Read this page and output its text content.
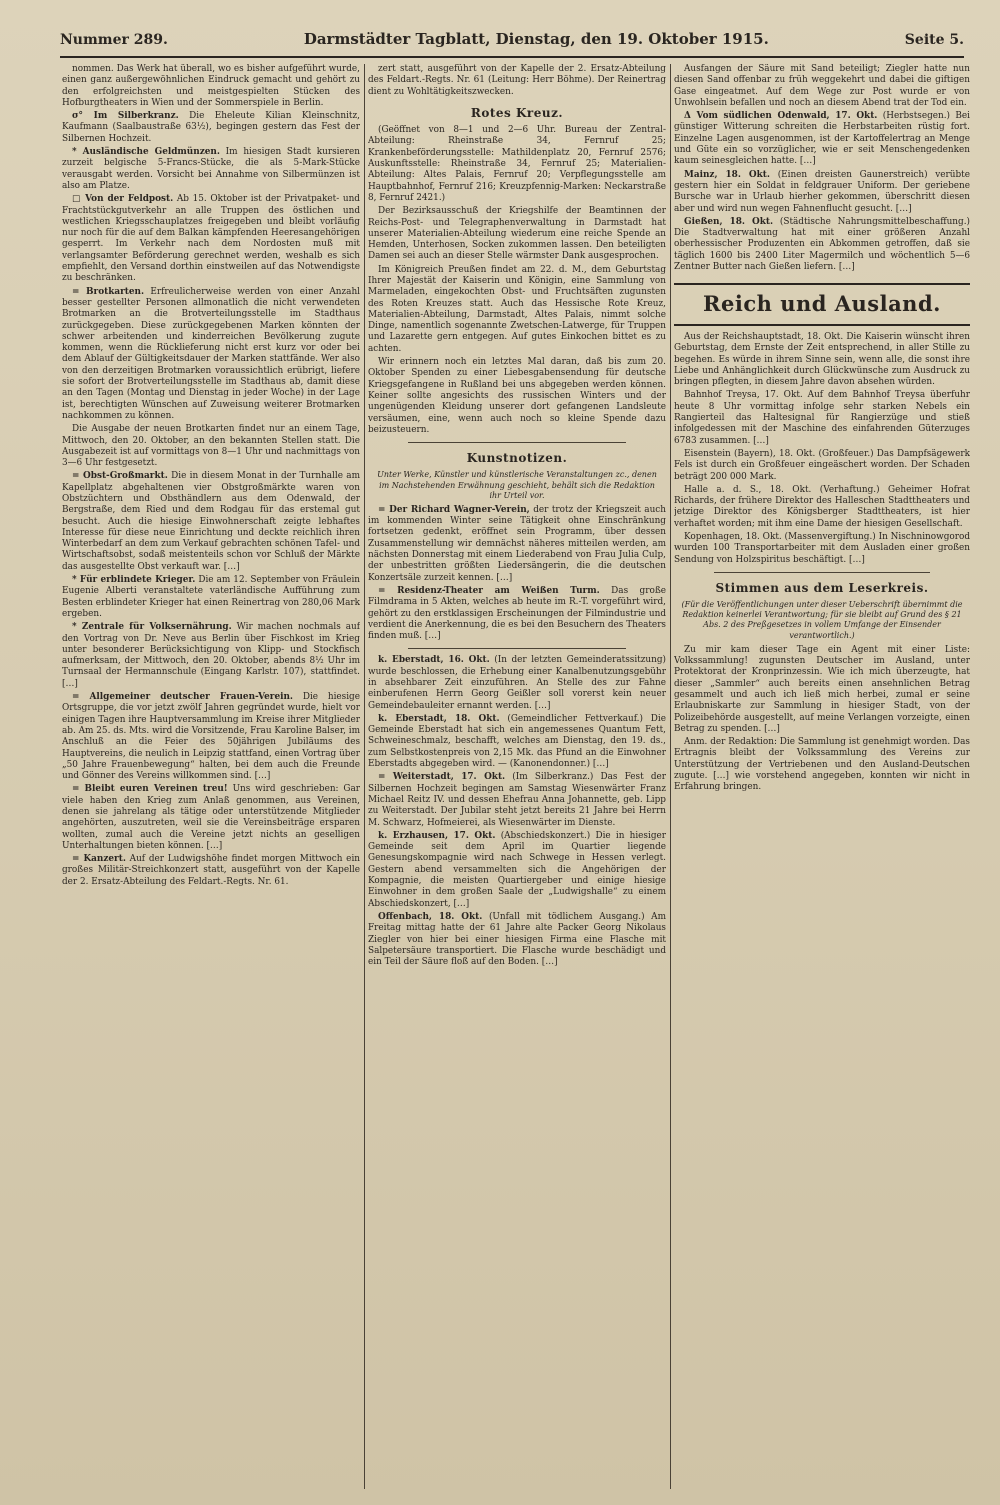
Nummer 289.	Darmstädter Tagblatt, Dienstag, den 19. Oktober 1915.	Seite 5.

nommen. Das Werk hat überall, wo es bisher aufgeführt wurde, einen ganz außergewöhnlichen Eindruck gemacht und gehört zu den erfolgreichsten und meistgespielten Stücken des Hofburgtheaters in Wien und der Sommerspiele in Berlin.

σ° Im Silberkranz. Die Eheleute Kilian Kleinschnitz, Kaufmann (Saalbaustraße 63½), begingen gestern das Fest der Silbernen Hochzeit.

* Ausländische Geldmünzen. Im hiesigen Stadt kursieren zurzeit belgische 5-Francs-Stücke, die als 5-Mark-Stücke verausgabt werden. Vorsicht bei Annahme von Silbermünzen ist also am Platze.

□ Von der Feldpost. Ab 15. Oktober ist der Privatpaket- und Frachtstückgutverkehr an alle Truppen des östlichen und westlichen Kriegsschauplatzes freigegeben und bleibt vorläufig nur noch für die auf dem Balkan kämpfenden Heeresangehörigen gesperrt. Im Verkehr nach dem Nordosten muß mit verlangsamter Beförderung gerechnet werden, weshalb es sich empfiehlt, den Versand dorthin einstweilen auf das Notwendigste zu beschränken.

= Brotkarten. Erfreulicherweise werden von einer Anzahl besser gestellter Personen allmonatlich die nicht verwendeten Brotmarken an die Brotverteilungsstelle im Stadthaus zurückgegeben. Diese zurückgegebenen Marken könnten der schwer arbeitenden und kinderreichen Bevölkerung zugute kommen, wenn die Rücklieferung nicht erst kurz vor oder bei dem Ablauf der Gültigkeitsdauer der Marken stattfände. Wer also von den derzeitigen Brotmarken voraussichtlich erübrigt, liefere sie sofort der Brotverteilungsstelle im Stadthaus ab, damit diese an den Tagen (Montag und Dienstag in jeder Woche) in der Lage ist, berechtigten Wünschen auf Zuweisung weiterer Brotmarken nachkommen zu können.

Die Ausgabe der neuen Brotkarten findet nur an einem Tage, Mittwoch, den 20. Oktober, an den bekannten Stellen statt. Die Ausgabezeit ist auf vormittags von 8—1 Uhr und nachmittags von 3—6 Uhr festgesetzt.

= Obst-Großmarkt. Die in diesem Monat in der Turnhalle am Kapellplatz abgehaltenen vier Obstgroßmärkte waren von Obstzüchtern und Obsthändlern aus dem Odenwald, der Bergstraße, dem Ried und dem Rodgau für das erstemal gut besucht. Auch die hiesige Einwohnerschaft zeigte lebhaftes Interesse für diese neue Einrichtung und deckte reichlich ihren Winterbedarf an dem zum Verkauf gebrachten schönen Tafel- und Wirtschaftsobst, sodaß meistenteils schon vor Schluß der Märkte das ausgestellte Obst verkauft war. […]

* Für erblindete Krieger. Die am 12. September von Fräulein Eugenie Alberti veranstaltete vaterländische Aufführung zum Besten erblindeter Krieger hat einen Reinertrag von 280,06 Mark ergeben.

* Zentrale für Volksernährung. Wir machen nochmals auf den Vortrag von Dr. Neve aus Berlin über Fischkost im Krieg unter besonderer Berücksichtigung von Klipp- und Stockfisch aufmerksam, der Mittwoch, den 20. Oktober, abends 8½ Uhr im Turnsaal der Hermannschule (Eingang Karlstr. 107), stattfindet. […]

= Allgemeiner deutscher Frauen-Verein. Die hiesige Ortsgruppe, die vor jetzt zwölf Jahren gegründet wurde, hielt vor einigen Tagen ihre Hauptversammlung im Kreise ihrer Mitglieder ab. Am 25. ds. Mts. wird die Vorsitzende, Frau Karoline Balser, im Anschluß an die Feier des 50jährigen Jubiläums des Hauptvereins, die neulich in Leipzig stattfand, einen Vortrag über „50 Jahre Frauenbewegung“ halten, bei dem auch die Freunde und Gönner des Vereins willkommen sind. […]

= Bleibt euren Vereinen treu! Uns wird geschrieben: Gar viele haben den Krieg zum Anlaß genommen, aus Vereinen, denen sie jahrelang als tätige oder unterstützende Mitglieder angehörten, auszutreten, weil sie die Vereinsbeiträge ersparen wollten, zumal auch die Vereine jetzt nichts an geselligen Unterhaltungen bieten können. […]

= Kanzert. Auf der Ludwigshöhe findet morgen Mittwoch ein großes Militär-Streichkonzert statt, ausgeführt von der Kapelle der 2. Ersatz-Abteilung des Feldart.-Regts. Nr. 61.

zert statt, ausgeführt von der Kapelle der 2. Ersatz-Abteilung des Feldart.-Regts. Nr. 61 (Leitung: Herr Böhme). Der Reinertrag dient zu Wohltätigkeitszwecken.

Rotes Kreuz.

(Geöffnet von 8—1 und 2—6 Uhr. Bureau der Zentral-Abteilung: Rheinstraße 34, Fernruf 25; Krankenbeförderungsstelle: Mathildenplatz 20, Fernruf 2576; Auskunftsstelle: Rheinstraße 34, Fernruf 25; Materialien-Abteilung: Altes Palais, Fernruf 20; Verpflegungsstelle am Hauptbahnhof, Fernruf 216; Kreuzpfennig-Marken: Neckarstraße 8, Fernruf 2421.)

Der Bezirksausschuß der Kriegshilfe der Beamtinnen der Reichs-Post- und Telegraphenverwaltung in Darmstadt hat unserer Materialien-Abteilung wiederum eine reiche Spende an Hemden, Unterhosen, Socken zukommen lassen. Den beteiligten Damen sei auch an dieser Stelle wärmster Dank ausgesprochen.

Im Königreich Preußen findet am 22. d. M., dem Geburtstag Ihrer Majestät der Kaiserin und Königin, eine Sammlung von Marmeladen, eingekochten Obst- und Fruchtsäften zugunsten des Roten Kreuzes statt. Auch das Hessische Rote Kreuz, Materialien-Abteilung, Darmstadt, Altes Palais, nimmt solche Dinge, namentlich sogenannte Zwetschen-Latwerge, für Truppen und Lazarette gern entgegen. Auf gutes Einkochen bittet es zu achten.

Wir erinnern noch ein letztes Mal daran, daß bis zum 20. Oktober Spenden zu einer Liebesgabensendung für deutsche Kriegsgefangene in Rußland bei uns abgegeben werden können. Keiner sollte angesichts des russischen Winters und der ungenügenden Kleidung unserer dort gefangenen Landsleute versäumen, eine, wenn auch noch so kleine Spende dazu beizusteuern.

Kunstnotizen.
Unter Werke, Künstler und künstlerische Veranstaltungen zc., denen im Nachstehenden Erwähnung geschieht, behält sich die Redaktion ihr Urteil vor.

= Der Richard Wagner-Verein, der trotz der Kriegszeit auch im kommenden Winter seine Tätigkeit ohne Einschränkung fortsetzen gedenkt, eröffnet sein Programm, über dessen Zusammenstellung wir demnächst näheres mitteilen werden, am nächsten Donnerstag mit einem Liederabend von Frau Julia Culp, der unbestritten größten Liedersängerin, die die deutschen Konzertsäle zurzeit kennen. […]

= Residenz-Theater am Weißen Turm. Das große Filmdrama in 5 Akten, welches ab heute im R.-T. vorgeführt wird, gehört zu den erstklassigen Erscheinungen der Filmindustrie und verdient die Anerkennung, die es bei den Besuchern des Theaters finden muß. […]

k. Eberstadt, 16. Okt. (In der letzten Gemeinderatssitzung) wurde beschlossen, die Erhebung einer Kanalbenutzungsgebühr in absehbarer Zeit einzuführen. An Stelle des zur Fahne einberufenen Herrn Georg Geißler soll vorerst kein neuer Gemeindebauleiter ernannt werden. […]

k. Eberstadt, 18. Okt. (Gemeindlicher Fettverkauf.) Die Gemeinde Eberstadt hat sich ein angemessenes Quantum Fett, Schweineschmalz, beschafft, welches am Dienstag, den 19. ds., zum Selbstkostenpreis von 2,15 Mk. das Pfund an die Einwohner Eberstadts abgegeben wird. — (Kanonendonner.) […]

= Weiterstadt, 17. Okt. (Im Silberkranz.) Das Fest der Silbernen Hochzeit begingen am Samstag Wiesenwärter Franz Michael Reitz IV. und dessen Ehefrau Anna Johannette, geb. Lipp zu Weiterstadt. Der Jubilar steht jetzt bereits 21 Jahre bei Herrn M. Schwarz, Hofmeierei, als Wiesenwärter im Dienste.

k. Erzhausen, 17. Okt. (Abschiedskonzert.) Die in hiesiger Gemeinde seit dem April im Quartier liegende Genesungskompagnie wird nach Schwege in Hessen verlegt. Gestern abend versammelten sich die Angehörigen der Kompagnie, die meisten Quartiergeber und einige hiesige Einwohner in dem großen Saale der „Ludwigshalle“ zu einem Abschiedskonzert, […]

Offenbach, 18. Okt. (Unfall mit tödlichem Ausgang.) Am Freitag mittag hatte der 61 Jahre alte Packer Georg Nikolaus Ziegler von hier bei einer hiesigen Firma eine Flasche mit Salpetersäure transportiert. Die Flasche wurde beschädigt und ein Teil der Säure floß auf den Boden. […]

Ausfangen der Säure mit Sand beteiligt; Ziegler hatte nun diesen Sand offenbar zu früh weggekehrt und dabei die giftigen Gase eingeatmet. Auf dem Wege zur Post wurde er von Unwohlsein befallen und noch an diesem Abend trat der Tod ein.

Δ Vom südlichen Odenwald, 17. Okt. (Herbstsegen.) Bei günstiger Witterung schreiten die Herbstarbeiten rüstig fort. Einzelne Lagen ausgenommen, ist der Kartoffelertrag an Menge und Güte ein so vorzüglicher, wie er seit Menschengedenken kaum seinesgleichen hatte. […]

Mainz, 18. Okt. (Einen dreisten Gaunerstreich) verübte gestern hier ein Soldat in feldgrauer Uniform. Der geriebene Bursche war in Urlaub hierher gekommen, überschritt diesen aber und wird nun wegen Fahnenflucht gesucht. […]

Gießen, 18. Okt. (Städtische Nahrungsmittelbeschaffung.) Die Stadtverwaltung hat mit einer größeren Anzahl oberhessischer Produzenten ein Abkommen getroffen, daß sie täglich 1600 bis 2400 Liter Magermilch und wöchentlich 5—6 Zentner Butter nach Gießen liefern. […]

Reich und Ausland.

Aus der Reichshauptstadt, 18. Okt. Die Kaiserin wünscht ihren Geburtstag, dem Ernste der Zeit entsprechend, in aller Stille zu begehen. Es würde in ihrem Sinne sein, wenn alle, die sonst ihre Liebe und Anhänglichkeit durch Glückwünsche zum Ausdruck zu bringen pflegten, in diesem Jahre davon absehen würden.

Bahnhof Treysa, 17. Okt. Auf dem Bahnhof Treysa überfuhr heute 8 Uhr vormittag infolge sehr starken Nebels ein Rangierteil das Haltesignal für Rangierzüge und stieß infolgedessen mit der Maschine des einfahrenden Güterzuges 6783 zusammen. […]

Eisenstein (Bayern), 18. Okt. (Großfeuer.) Das Dampfsägewerk Fels ist durch ein Großfeuer eingeäschert worden. Der Schaden beträgt 200 000 Mark.

Halle a. d. S., 18. Okt. (Verhaftung.) Geheimer Hofrat Richards, der frühere Direktor des Halleschen Stadttheaters und jetzige Direktor des Königsberger Stadttheaters, ist hier verhaftet worden; mit ihm eine Dame der hiesigen Gesellschaft.

Kopenhagen, 18. Okt. (Massenvergiftung.) In Nischninowgorod wurden 100 Transportarbeiter mit dem Ausladen einer großen Sendung von Holzspiritus beschäftigt. […]

Stimmen aus dem Leserkreis.
(Für die Veröffentlichungen unter dieser Ueberschrift übernimmt die Redaktion keinerlei Verantwortung; für sie bleibt auf Grund des § 21 Abs. 2 des Preßgesetzes in vollem Umfange der Einsender verantwortlich.)

Zu mir kam dieser Tage ein Agent mit einer Liste: Volkssammlung! zugunsten Deutscher im Ausland, unter Protektorat der Kronprinzessin. Wie ich mich überzeugte, hat dieser „Sammler“ auch bereits einen ansehnlichen Betrag gesammelt und auch ich ließ mich herbei, zumal er seine Erlaubniskarte zur Sammlung in hiesiger Stadt, von der Polizeibehörde ausgestellt, auf meine Verlangen vorzeigte, einen Betrag zu spenden. […]

Anm. der Redaktion: Die Sammlung ist genehmigt worden. Das Ertragnis bleibt der Volkssammlung des Vereins zur Unterstützung der Vertriebenen und den Ausland-Deutschen zugute. […] wie vorstehend angegeben, konnten wir nicht in Erfahrung bringen.
